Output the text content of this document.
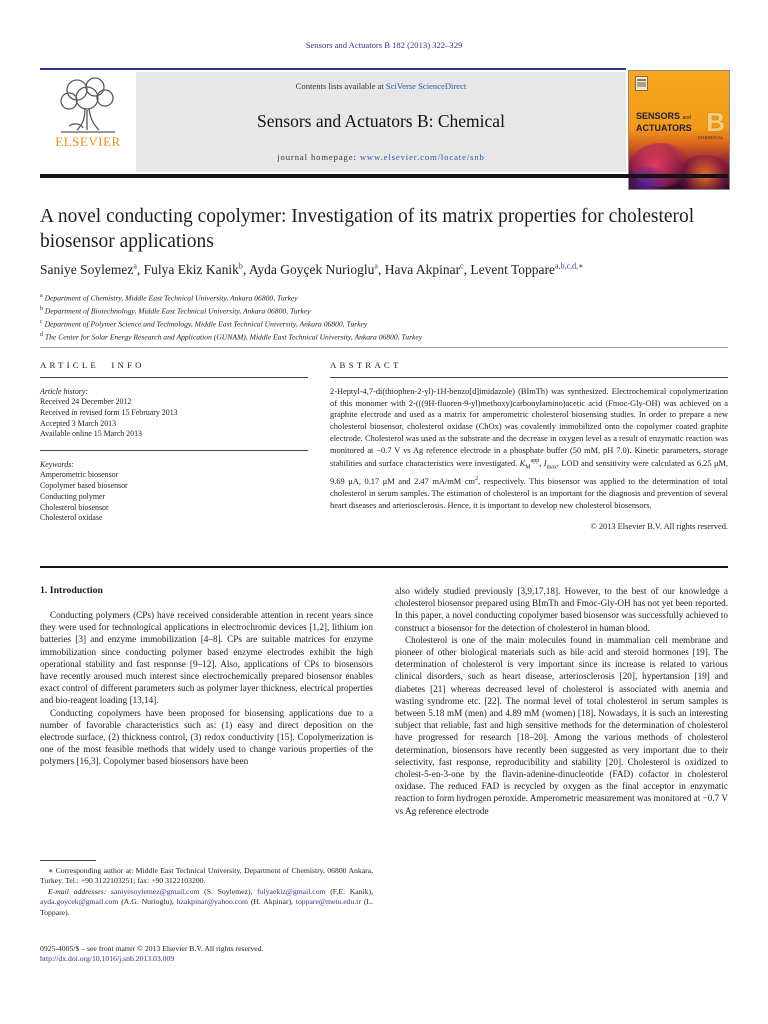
Sensors and Actuators B 182 (2013) 322–329
ELSEVIER
Contents lists available at SciVerse ScienceDirect
Sensors and Actuators B: Chemical
journal homepage: www.elsevier.com/locate/snb
SENSORS and
ACTUATORS B
CHEMICAL
A novel conducting copolymer: Investigation of its matrix properties for cholesterol biosensor applications
Saniye Soylemez$^a$, Fulya Ekiz Kanik$^b$, Ayda Goyçek Nurioglu$^a$, Hava Akpinar$^c$, Levent Toppare$^{a,b,c,d,∗}$
$^a$ Department of Chemistry, Middle East Technical University, Ankara 06800, Turkey
$^b$ Department of Biotechnology, Middle East Technical University, Ankara 06800, Turkey
$^c$ Department of Polymer Science and Technology, Middle East Technical University, Ankara 06800, Turkey
$^d$ The Center for Solar Energy Research and Application (GUNAM), Middle East Technical University, Ankara 06800, Turkey
ARTICLE INFO
Article history:
Received 24 December 2012
Received in revised form 15 February 2013
Accepted 3 March 2013
Available online 15 March 2013
Keywords:
Amperometric biosensor
Copolymer based biosensor
Conducting polymer
Cholesterol biosensor
Cholesterol oxidase
ABSTRACT

2-Heptyl-4,7-di(thiophen-2-yl)-1H-benzo[d]imidazole) (BImTh) was synthesized. Electrochemical copolymerization of this monomer with 2-(((9H-fluoren-9-yl)methoxy)carbonylamino)acetic acid (Fmoc-Gly-OH) was achieved on a graphite electrode and used as a matrix for amperometric cholesterol biosensing studies. In order to prepare a new cholesterol biosensor, cholesterol oxidase (ChOx) was covalently immobilized onto the copolymer coated graphite electrode. Cholesterol was used as the substrate and the decrease in oxygen level as a result of enzymatic reaction was monitored at −0.7 V vs Ag reference electrode in a phosphate buffer (50 mM, pH 7.0). Kinetic parameters, storage stabilities and surface characteristics were investigated. $K_M^{app}$, $I_{max}$, LOD and sensitivity were calculated as 6.25 μM, 9.69 μA, 0.17 μM and 2.47 mA/mM $cm^2$, respectively. This biosensor was applied to the determination of total cholesterol in serum samples. The estimation of cholesterol is an important for the diagnosis and prevention of several heart diseases and arteriosclerosis. Hence, it is important to develop new cholesterol biosensors.

© 2013 Elsevier B.V. All rights reserved.
1. Introduction

Conducting polymers (CPs) have received considerable attention in recent years since they were used for technological applications in electrochromic devices [1,2], lithium ion batteries [3] and enzyme immobilization [4–8]. CPs are suitable matrices for enzyme immobilization since conducting polymer based enzyme electrodes exhibit the high operational stability and fast response [9–12]. Also, applications of CPs to biosensors have recently aroused much interest since electrochemically prepared biosensor enables exact control of different parameters such as polymer layer thickness, electrical properties and bio-reagent loading [13,14].

Conducting copolymers have been proposed for biosensing applications due to a number of favorable characteristics such as: (1) easy and direct deposition on the electrode surface, (2) thickness control, (3) redox conductivity [15]. Copolymerization is one of the most feasible methods that widely used to change various properties of the polymers [16,3]. Copolymer based biosensors have been

also widely studied previously [3,9,17,18]. However, to the best of our knowledge a cholesterol biosensor prepared using BImTh and Fmoc-Gly-OH has not yet been reported. In this paper, a novel conducting copolymer based biosensor was successfully achieved to construct a biosensor for the detection of cholesterol in human blood.

Cholesterol is one of the main molecules found in mammalian cell membrane and pioneer of other biological materials such as bile acid and steroid hormones [19]. The determination of cholesterol is very important since its increase is related to various clinical disorders, such as heart disease, arteriosclerosis [20], hypertansion [19] and diabetes [21] whereas decreased level of cholesterol is associated with anemia and wasting syndrome etc. [22]. The normal level of total cholesterol in serum samples is between 5.18 mM (men) and 4.89 mM (women) [18]. Nowadays, it is such an interesting subject that reliable, fast and high sensitive methods for the determination of cholesterol have progressed for research [18–20]. Among the various methods of cholesterol determination, biosensors have recently been suggested as very important due to their selectivity, fast response, reproducibility and stability [20]. Cholesterol is oxidized to cholest-5-en-3-one by the flavin-adenine-dinucleotide (FAD) cofactor in cholesterol oxidase. The reduced FAD is recycled by oxygen as the final acceptor in enzymatic reaction to form hydrogen peroxide. Amperometric measurement was monitored at −0.7 V vs Ag reference electrode

∗ Corresponding author at: Middle East Technical University, Department of Chemistry, 06800 Ankara, Turkey. Tel.: +90 3122103251; fax: +90 3122103200.

E-mail addresses: saniyesoylemez@gmail.com (S. Soylemez), fulyaekiz@gmail.com (F.E. Kanik), ayda.goycek@gmail.com (A.G. Nurioglu), hzakpinar@yahoo.com (H. Akpinar), toppare@metu.edu.tr (L. Toppare).

0925-4005/$ – see front matter © 2013 Elsevier B.V. All rights reserved.
http://dx.doi.org/10.1016/j.snb.2013.03.009
